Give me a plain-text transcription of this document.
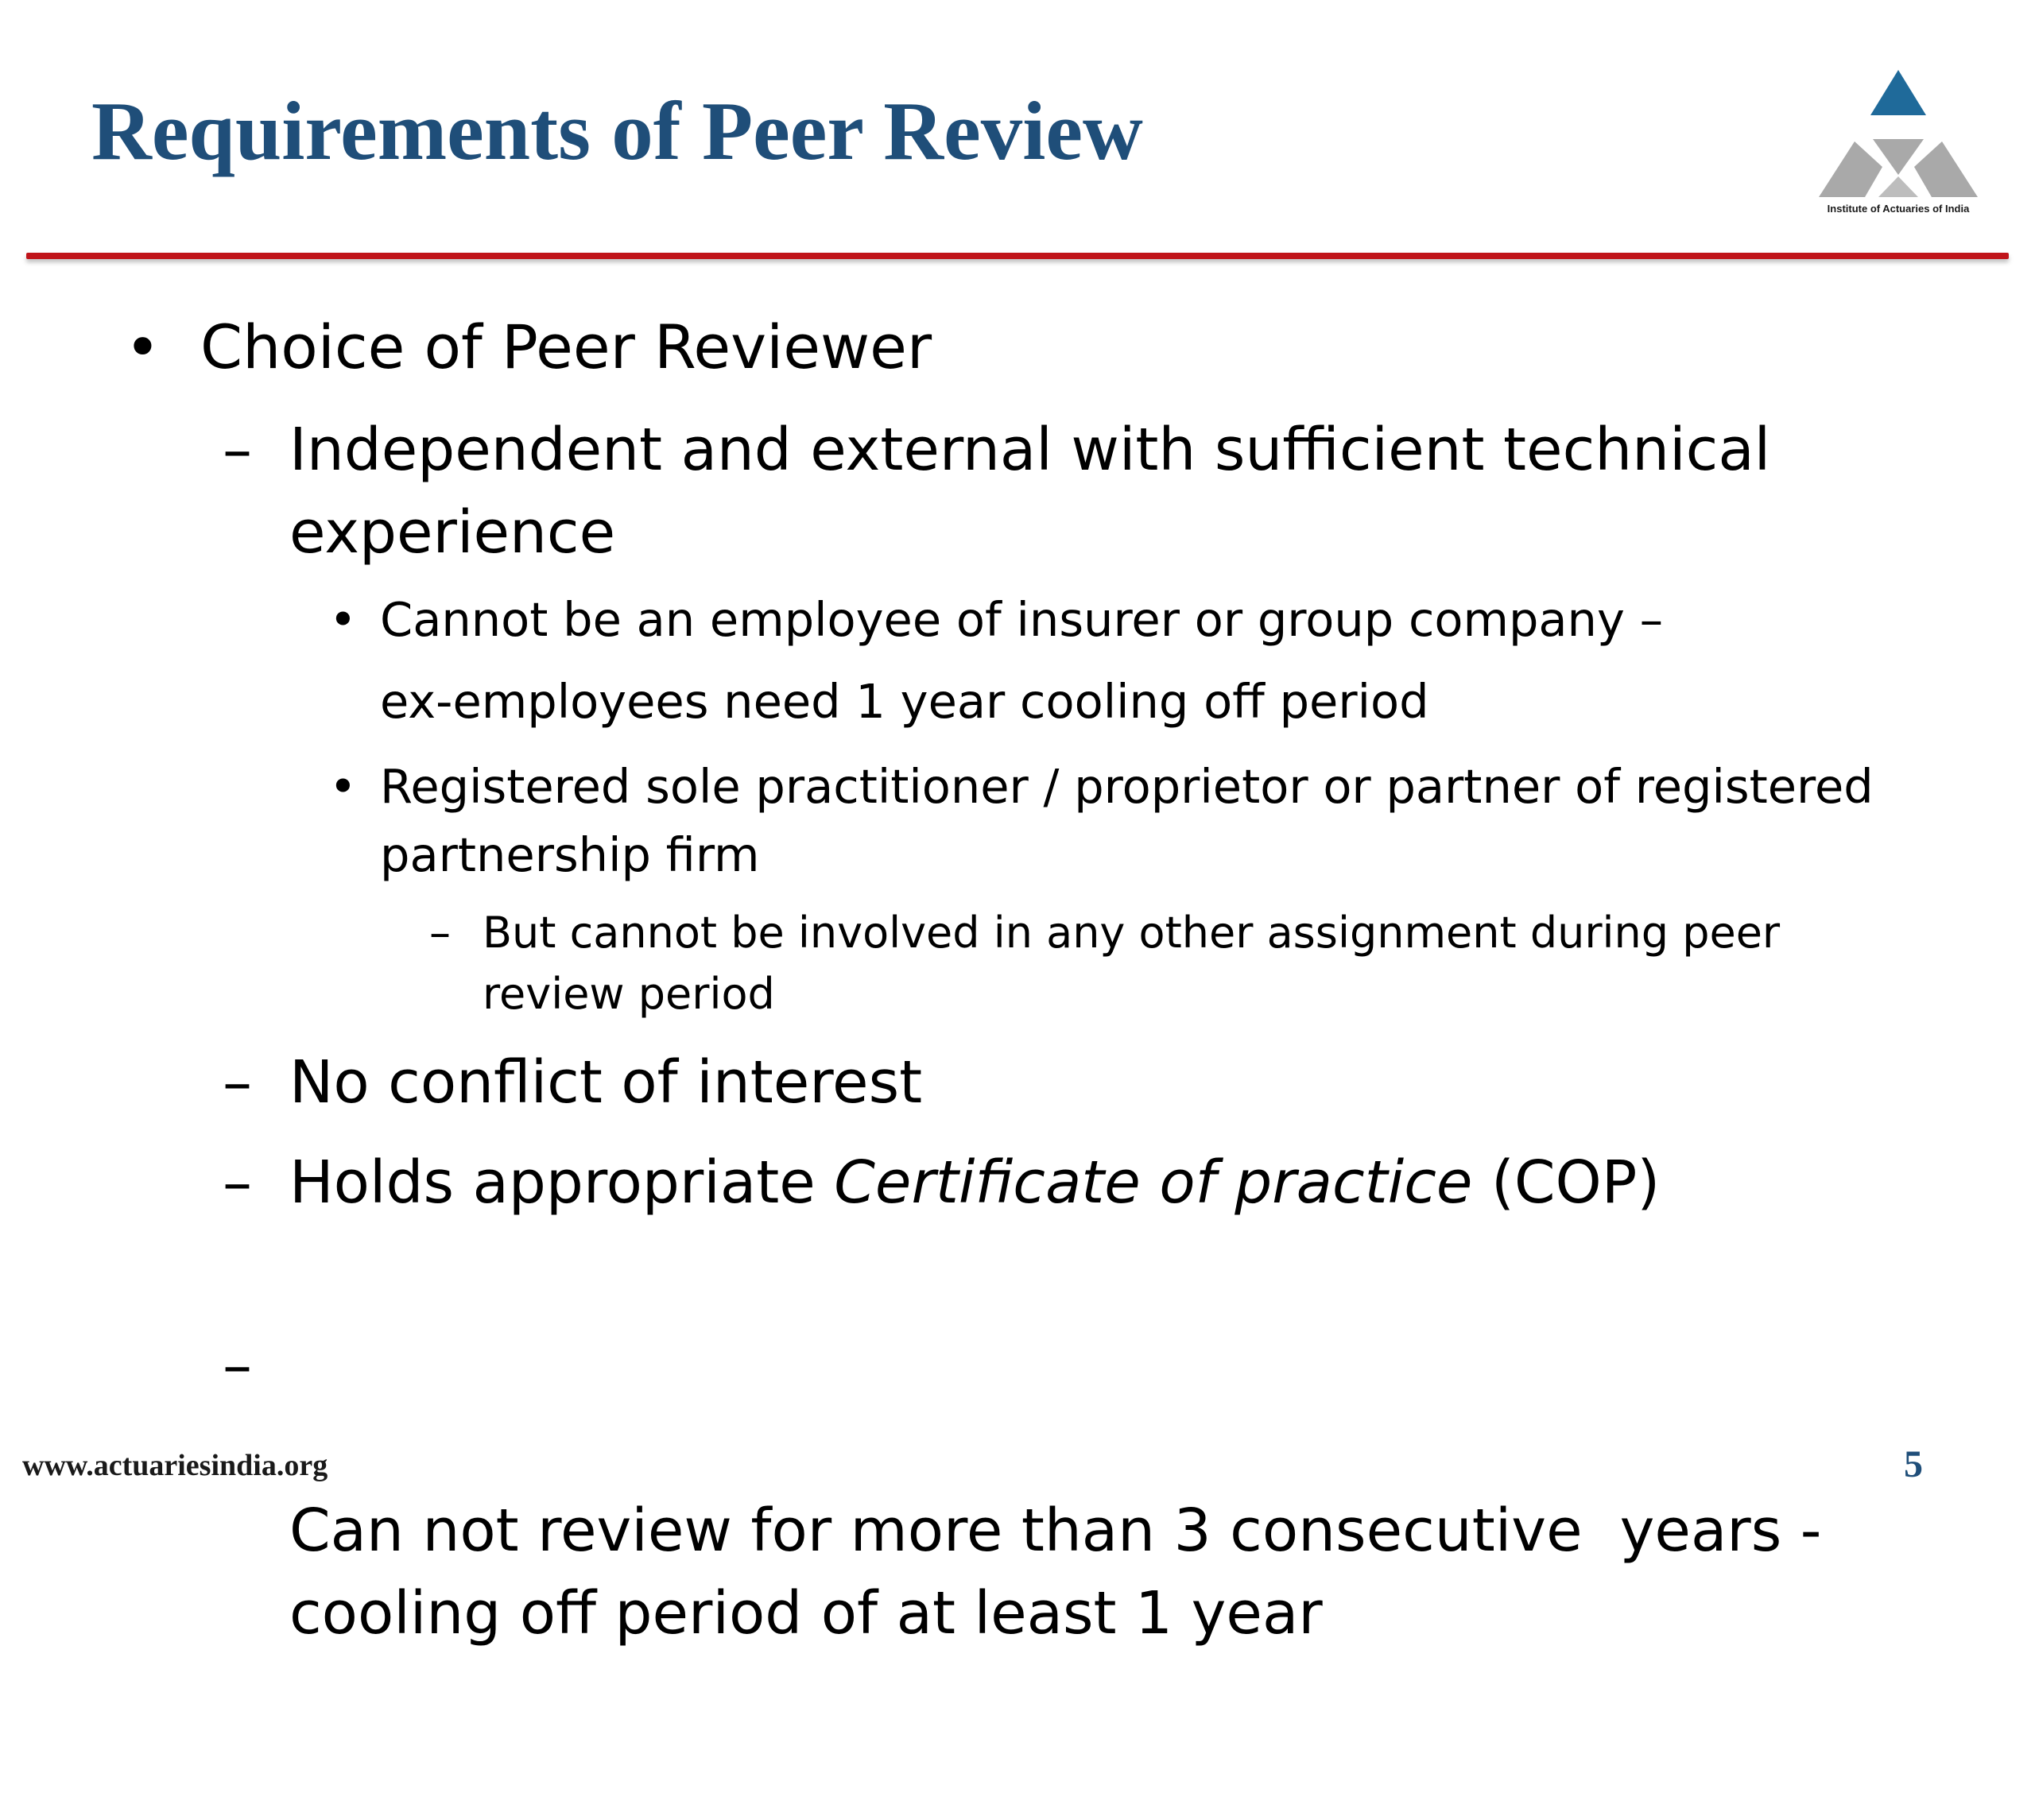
Requirements of Peer Review
Institute of Actuaries of India
• Choice of Peer Reviewer
– Independent and external with sufficient technical experience
• Cannot be an employee of insurer or group company –
ex-employees need 1 year cooling off period
• Registered sole practitioner / proprietor or partner of registered partnership firm
– But cannot be involved in any other assignment during peer review period
– No conflict of interest
– Holds appropriate Certificate of practice (COP)

–

Can not review for more than 3 consecutive  years - cooling off period of at least 1 year

www.actuariesindia.org	5
